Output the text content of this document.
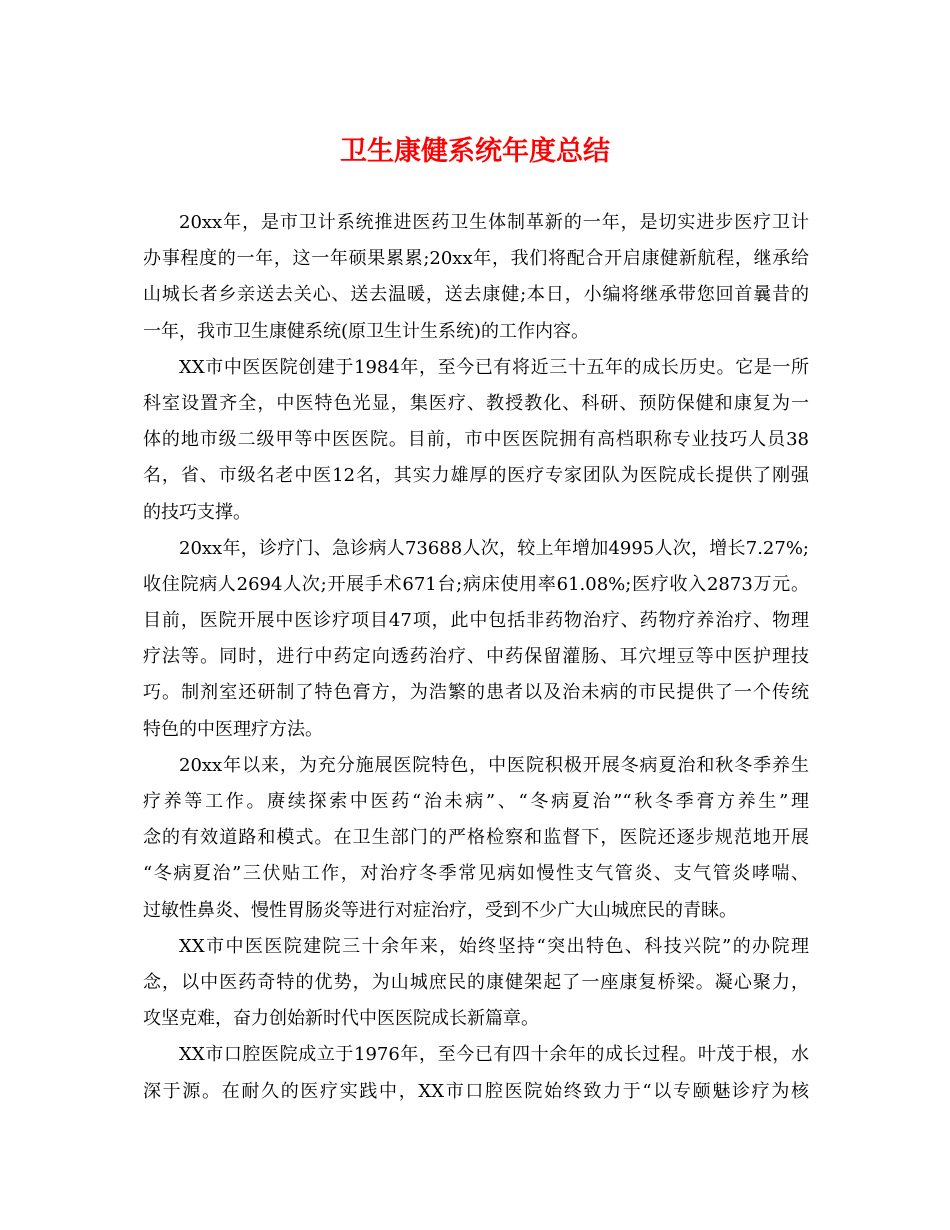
卫生康健系统年度总结
20xx年，是市卫计系统推进医药卫生体制革新的一年，是切实进步医疗卫计
办事程度的一年，这一年硕果累累;20xx年，我们将配合开启康健新航程，继承给
山城长者乡亲送去关心、送去温暖，送去康健;本日，小编将继承带您回首曩昔的
一年，我市卫生康健系统(原卫生计生系统)的工作内容。
XX市中医医院创建于1984年，至今已有将近三十五年的成长历史。它是一所
科室设置齐全，中医特色光显，集医疗、教授教化、科研、预防保健和康复为一
体的地市级二级甲等中医医院。目前，市中医医院拥有高档职称专业技巧人员38
名，省、市级名老中医12名，其实力雄厚的医疗专家团队为医院成长提供了刚强
的技巧支撑。
20xx年，诊疗门、急诊病人73688人次，较上年增加4995人次，增长7.27%;
收住院病人2694人次;开展手术671台;病床使用率61.08%;医疗收入2873万元。
目前，医院开展中医诊疗项目47项，此中包括非药物治疗、药物疗养治疗、物理
疗法等。同时，进行中药定向透药治疗、中药保留灌肠、耳穴埋豆等中医护理技
巧。制剂室还研制了特色膏方，为浩繁的患者以及治未病的市民提供了一个传统
特色的中医理疗方法。
20xx年以来，为充分施展医院特色，中医院积极开展冬病夏治和秋冬季养生
疗养等工作。赓续探索中医药“治未病”、“冬病夏治”“秋冬季膏方养生”理
念的有效道路和模式。在卫生部门的严格检察和监督下，医院还逐步规范地开展
“冬病夏治”三伏贴工作，对治疗冬季常见病如慢性支气管炎、支气管炎哮喘、
过敏性鼻炎、慢性胃肠炎等进行对症治疗，受到不少广大山城庶民的青睐。
XX市中医医院建院三十余年来，始终坚持“突出特色、科技兴院”的办院理
念，以中医药奇特的优势，为山城庶民的康健架起了一座康复桥梁。凝心聚力，
攻坚克难，奋力创始新时代中医医院成长新篇章。
XX市口腔医院成立于1976年，至今已有四十余年的成长过程。叶茂于根，水
深于源。在耐久的医疗实践中，XX市口腔医院始终致力于“以专颐魅诊疗为核
